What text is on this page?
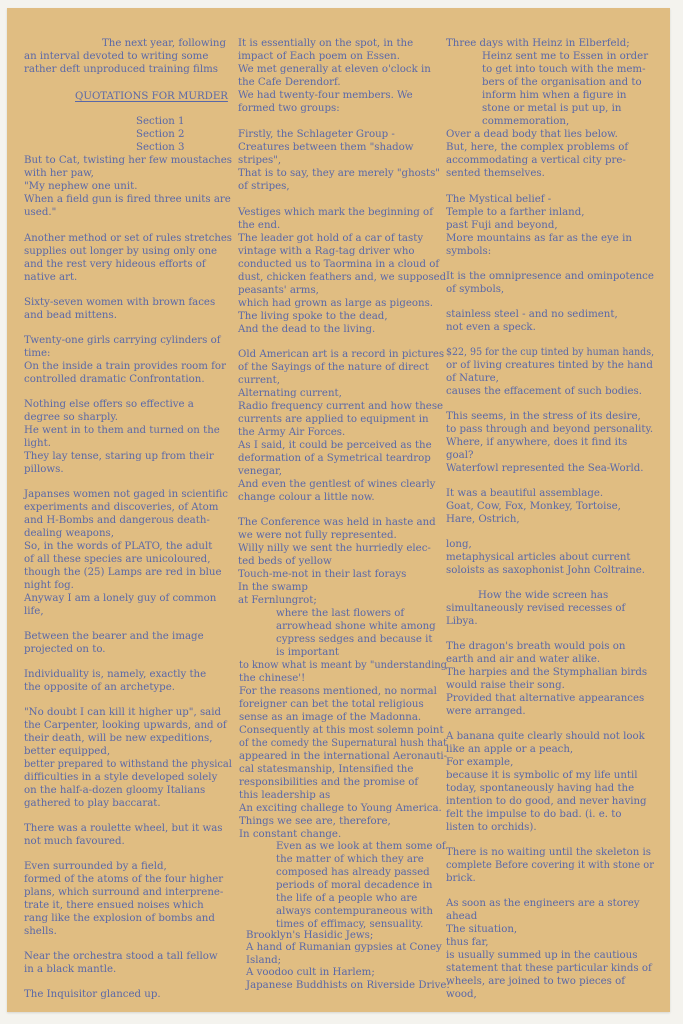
The next year, following
an interval devoted to writing some
rather deft unproduced training films
QUOTATIONS FOR MURDER
Section 1
Section 2
Section 3
But to Cat, twisting her few moustaches
with her paw,
"My nephew one unit.
When a field gun is fired three units are
used."
Another method or set of rules stretches
supplies out longer by using only one
and the rest very hideous efforts of
native art.
Sixty-seven women with brown faces
and bead mittens.
Twenty-one girls carrying cylinders of
time:
On the inside a train provides room for
controlled dramatic Confrontation.
Nothing else offers so effective a
degree so sharply.
He went in to them and turned on the
light.
They lay tense, staring up from their
pillows.
Japanses women not gaged in scientific
experiments and discoveries, of Atom
and H-Bombs and dangerous death-
dealing weapons,
So, in the words of PLATO, the adult
of all these species are unicoloured,
though the (25) Lamps are red in blue
night fog.
Anyway I am a lonely guy of common
life,
Between the bearer and the image
projected on to.
Individuality is, namely, exactly the
the opposite of an archetype.
"No doubt I can kill it higher up", said
the Carpenter, looking upwards, and of
their death, will be new expeditions,
better equipped,
better prepared to withstand the physical
difficulties in a style developed solely
on the half-a-dozen gloomy Italians
gathered to play baccarat.
There was a roulette wheel, but it was
not much favoured.
Even surrounded by a field,
formed of the atoms of the four higher
plans, which surround and interprene-
trate it, there ensued noises which
rang like the explosion of bombs and
shells.
Near the orchestra stood a tall fellow
in a black mantle.
The Inquisitor glanced up.
It is essentially on the spot, in the
impact of Each poem on Essen.
We met generally at eleven o'clock in
the Cafe Derendorf.
We had twenty-four members. We
formed two groups:
Firstly, the Schlageter Group -
Creatures between them "shadow
stripes",
That is to say, they are merely "ghosts"
of stripes,
Vestiges which mark the beginning of
the end.
The leader got hold of a car of tasty
vintage with a Rag-tag driver who
conducted us to Taormina in a cloud of
dust, chicken feathers and, we supposed
peasants' arms,
which had grown as large as pigeons.
The living spoke to the dead,
And the dead to the living.
Old American art is a record in pictures
of the Sayings of the nature of direct
current,
Alternating current,
Radio frequency current and how these
currents are applied to equipment in
the Army Air Forces.
As I said, it could be perceived as the
deformation of a Symetrical teardrop
venegar,
And even the gentlest of wines clearly
change colour a little now.
The Conference was held in haste and
we were not fully represented.
Willy nilly we sent the hurriedly elec-
ted beds of yellow
Touch-me-not in their last forays
In the swamp
at Fernlungrot;
where the last flowers of
arrowhead shone white among
cypress sedges and because it
is important
to know what is meant by "understanding
the chinese'!
For the reasons mentioned, no normal
foreigner can bet the total religious
sense as an image of the Madonna.
Consequently at this most solemn point
of the comedy the Supernatural hush that
appeared in the international Aeronauti-
cal statesmanship, Intensified the
responsibilities and the promise of
this leadership as
An exciting challege to Young America.
Things we see are, therefore,
In constant change.
Even as we look at them some of
the matter of which they are
composed has already passed
periods of moral decadence in
the life of a people who are
always contempuraneous with
times of effimacy, sensuality.
Brooklyn's Hasidic Jews;
A hand of Rumanian gypsies at Coney
Island;
A voodoo cult in Harlem;
Japanese Buddhists on Riverside Drive:
Three days with Heinz in Elberfeld;
Heinz sent me to Essen in order
to get into touch with the mem-
bers of the organisation and to
inform him when a figure in
stone or metal is put up, in
commemoration,
Over a dead body that lies below.
But, here, the complex problems of
accommodating a vertical city pre-
sented themselves.
The Mystical belief -
Temple to a farther inland,
past Fuji and beyond,
More mountains as far as the eye in
symbols:
It is the omnipresence and ominpotence
of symbols,
stainless steel - and no sediment,
not even a speck.
$22, 95 for the cup tinted by human hands,
or of living creatures tinted by the hand
of Nature,
causes the effacement of such bodies.
This seems, in the stress of its desire,
to pass through and beyond personality.
Where, if anywhere, does it find its
goal?
Waterfowl represented the Sea-World.
It was a beautiful assemblage.
Goat, Cow, Fox, Monkey, Tortoise,
Hare, Ostrich,
long,
metaphysical articles about current
soloists as saxophonist John Coltraine.
How the wide screen has
simultaneously revised recesses of
Libya.
The dragon's breath would pois on
earth and air and water alike.
The harpies and the Stymphalian birds
would raise their song.
Provided that alternative appearances
were arranged.
A banana quite clearly should not look
like an apple or a peach,
For example,
because it is symbolic of my life until
today, spontaneously having had the
intention to do good, and never having
felt the impulse to do bad. (i. e. to
listen to orchids).
There is no waiting until the skeleton is
complete Before covering it with stone or
brick.
As soon as the engineers are a storey
ahead
The situation,
thus far,
is usually summed up in the cautious
statement that these particular kinds of
wheels, are joined to two pieces of
wood,
